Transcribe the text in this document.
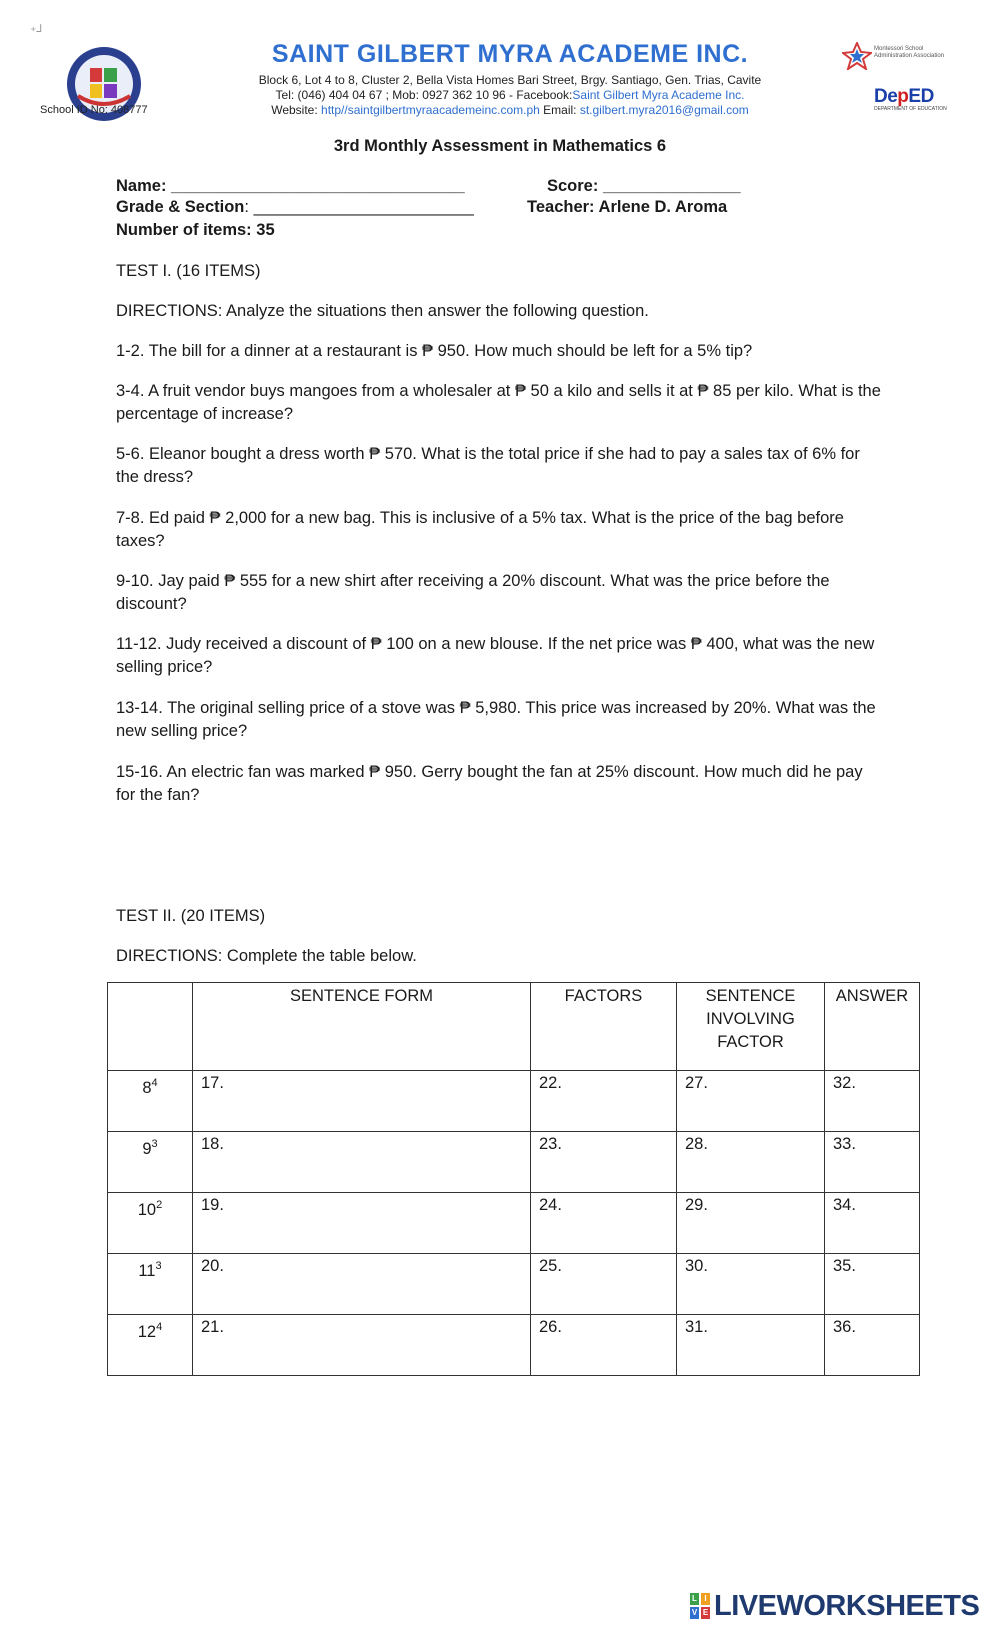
⁺┘
School ID No: 408777
SAINT GILBERT MYRA ACADEME INC.
Block 6, Lot 4 to 8, Cluster 2, Bella Vista Homes Bari Street, Brgy. Santiago, Gen. Trias, Cavite
Tel: (046) 404 04 67 ; Mob: 0927 362 10 96 - Facebook:Saint Gilbert Myra Academe Inc.
Website: http//saintgilbertmyraacademeinc.com.ph Email: st.gilbert.myra2016@gmail.com
Montessori School Administration Association
DepED
DEPARTMENT OF EDUCATION
3rd Monthly Assessment in Mathematics 6
Name: ________________________________	Score: _______________
Grade & Section: ________________________	Teacher: Arlene D. Aroma
Number of items: 35
TEST I. (16 ITEMS)
DIRECTIONS: Analyze the situations then answer the following question.
1-2. The bill for a dinner at a restaurant is ₱ 950. How much should be left for a 5% tip?
3-4. A fruit vendor buys mangoes from a wholesaler at ₱ 50 a kilo and sells it at ₱ 85 per kilo. What is the percentage of increase?
5-6. Eleanor bought a dress worth ₱ 570. What is the total price if she had to pay a sales tax of 6% for the dress?
7-8. Ed paid ₱ 2,000 for a new bag. This is inclusive of a 5% tax. What is the price of the bag before taxes?
9-10. Jay paid ₱ 555 for a new shirt after receiving a 20% discount. What was the price before the discount?
11-12. Judy received a discount of ₱ 100 on a new blouse. If the net price was ₱ 400, what was the new selling price?
13-14. The original selling price of a stove was ₱ 5,980. This price was increased by 20%. What was the new selling price?
15-16. An electric fan was marked ₱ 950. Gerry bought the fan at 25% discount. How much did he pay for the fan?
TEST II. (20 ITEMS)
DIRECTIONS: Complete the table below.
	SENTENCE FORM	FACTORS	SENTENCE INVOLVING FACTOR	ANSWER
$8^4$	17.	22.	27.	32.
$9^3$	18.	23.	28.	33.
$10^2$	19.	24.	29.	34.
$11^3$	20.	25.	30.	35.
$12^4$	21.	26.	31.	36.
L I
V E LIVEWORKSHEETS
